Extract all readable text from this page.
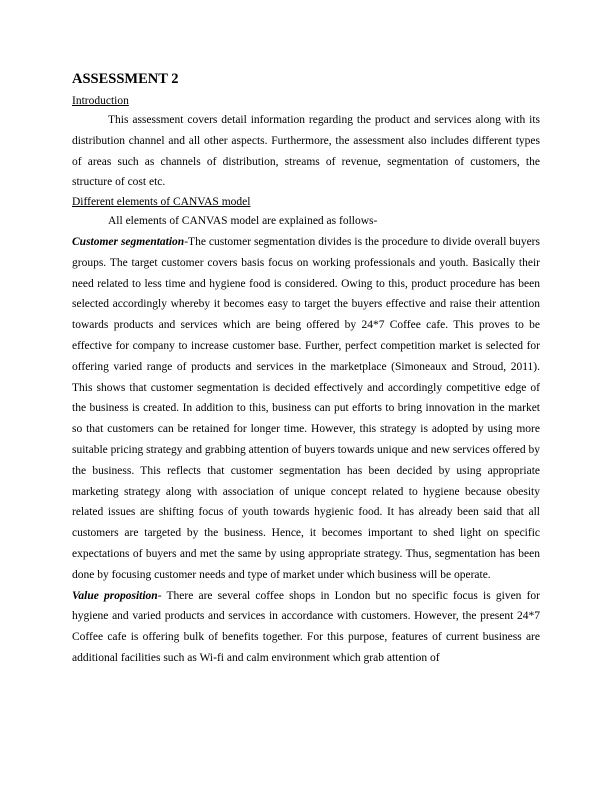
ASSESSMENT 2
Introduction

This assessment covers detail information regarding the product and services along with its distribution channel and all other aspects. Furthermore, the assessment also includes different types of areas such as channels of distribution, streams of revenue, segmentation of customers, the structure of cost etc.

Different elements of CANVAS model

All elements of CANVAS model are explained as follows-

Customer segmentation-The customer segmentation divides is the procedure to divide overall buyers groups. The target customer covers basis focus on working professionals and youth. Basically their need related to less time and hygiene food is considered. Owing to this, product procedure has been selected accordingly whereby it becomes easy to target the buyers effective and raise their attention towards products and services which are being offered by 24*7 Coffee cafe. This proves to be effective for company to increase customer base. Further, perfect competition market is selected for offering varied range of products and services in the marketplace (Simoneaux and Stroud, 2011). This shows that customer segmentation is decided effectively and accordingly competitive edge of the business is created. In addition to this, business can put efforts to bring innovation in the market so that customers can be retained for longer time. However, this strategy is adopted by using more suitable pricing strategy and grabbing attention of buyers towards unique and new services offered by the business. This reflects that customer segmentation has been decided by using appropriate marketing strategy along with association of unique concept related to hygiene because obesity related issues are shifting focus of youth towards hygienic food. It has already been said that all customers are targeted by the business. Hence, it becomes important to shed light on specific expectations of buyers and met the same by using appropriate strategy. Thus, segmentation has been done by focusing customer needs and type of market under which business will be operate.

Value proposition- There are several coffee shops in London but no specific focus is given for hygiene and varied products and services in accordance with customers. However, the present 24*7 Coffee cafe is offering bulk of benefits together. For this purpose, features of current business are additional facilities such as Wi-fi and calm environment which grab attention of
